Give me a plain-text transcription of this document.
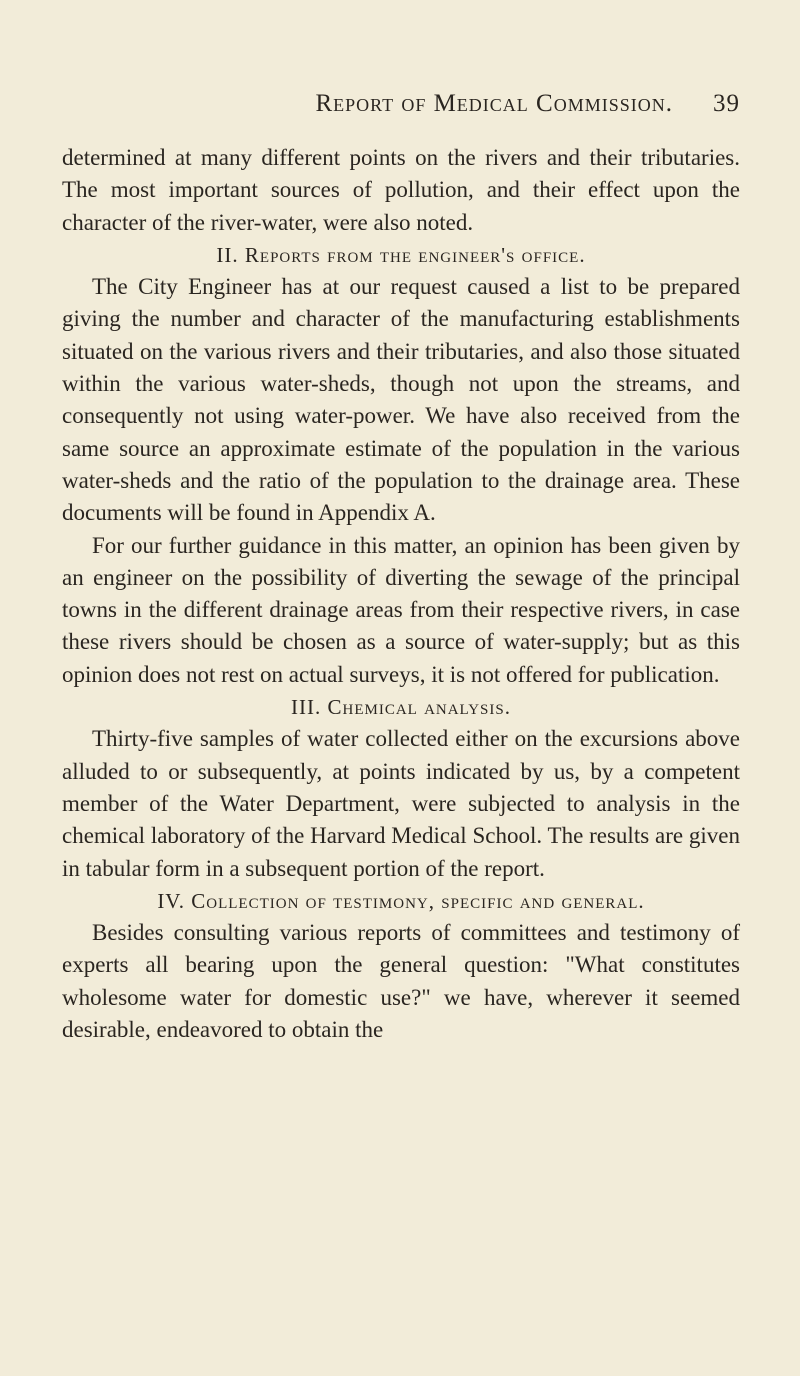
Report of Medical Commission. 39

determined at many different points on the rivers and their tributaries. The most important sources of pollution, and their effect upon the character of the river-water, were also noted.

II. Reports from the engineer's office.

The City Engineer has at our request caused a list to be prepared giving the number and character of the manufacturing establishments situated on the various rivers and their tributaries, and also those situated within the various water-sheds, though not upon the streams, and consequently not using water-power. We have also received from the same source an approximate estimate of the population in the various water-sheds and the ratio of the population to the drainage area. These documents will be found in Appendix A.

For our further guidance in this matter, an opinion has been given by an engineer on the possibility of diverting the sewage of the principal towns in the different drainage areas from their respective rivers, in case these rivers should be chosen as a source of water-supply; but as this opinion does not rest on actual surveys, it is not offered for publication.

III. Chemical analysis.

Thirty-five samples of water collected either on the excursions above alluded to or subsequently, at points indicated by us, by a competent member of the Water Department, were subjected to analysis in the chemical laboratory of the Harvard Medical School. The results are given in tabular form in a subsequent portion of the report.

IV. Collection of testimony, specific and general.

Besides consulting various reports of committees and testimony of experts all bearing upon the general question: "What constitutes wholesome water for domestic use?" we have, wherever it seemed desirable, endeavored to obtain the
